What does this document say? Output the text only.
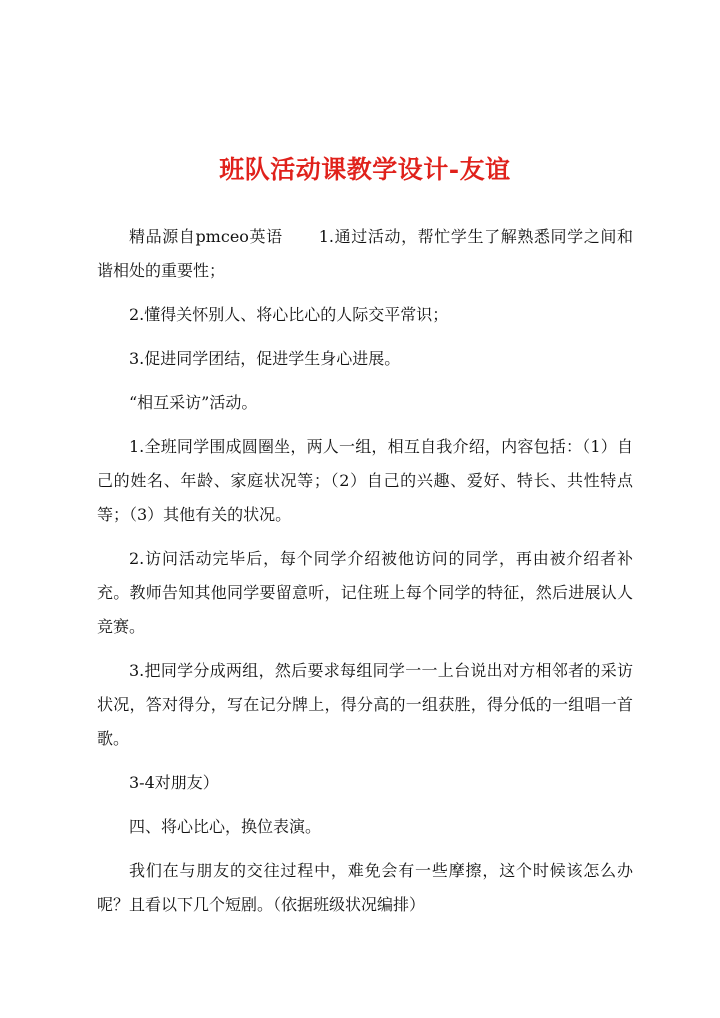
班队活动课教学设计-友谊

精品源自pmceo英语 1.通过活动，帮忙学生了解熟悉同学之间和谐相处的重要性；

2.懂得关怀别人、将心比心的人际交平常识；

3.促进同学团结，促进学生身心进展。

“相互采访”活动。

1.全班同学围成圆圈坐，两人一组，相互自我介绍，内容包括：（1）自己的姓名、年龄、家庭状况等；（2）自己的兴趣、爱好、特长、共性特点等；（3）其他有关的状况。

2.访问活动完毕后，每个同学介绍被他访问的同学，再由被介绍者补充。教师告知其他同学要留意听，记住班上每个同学的特征，然后进展认人竞赛。

3.把同学分成两组，然后要求每组同学一一上台说出对方相邻者的采访状况，答对得分，写在记分牌上，得分高的一组获胜，得分低的一组唱一首歌。

3-4对朋友）

四、将心比心，换位表演。

我们在与朋友的交往过程中，难免会有一些摩擦，这个时候该怎么办呢？且看以下几个短剧。（依据班级状况编排）
